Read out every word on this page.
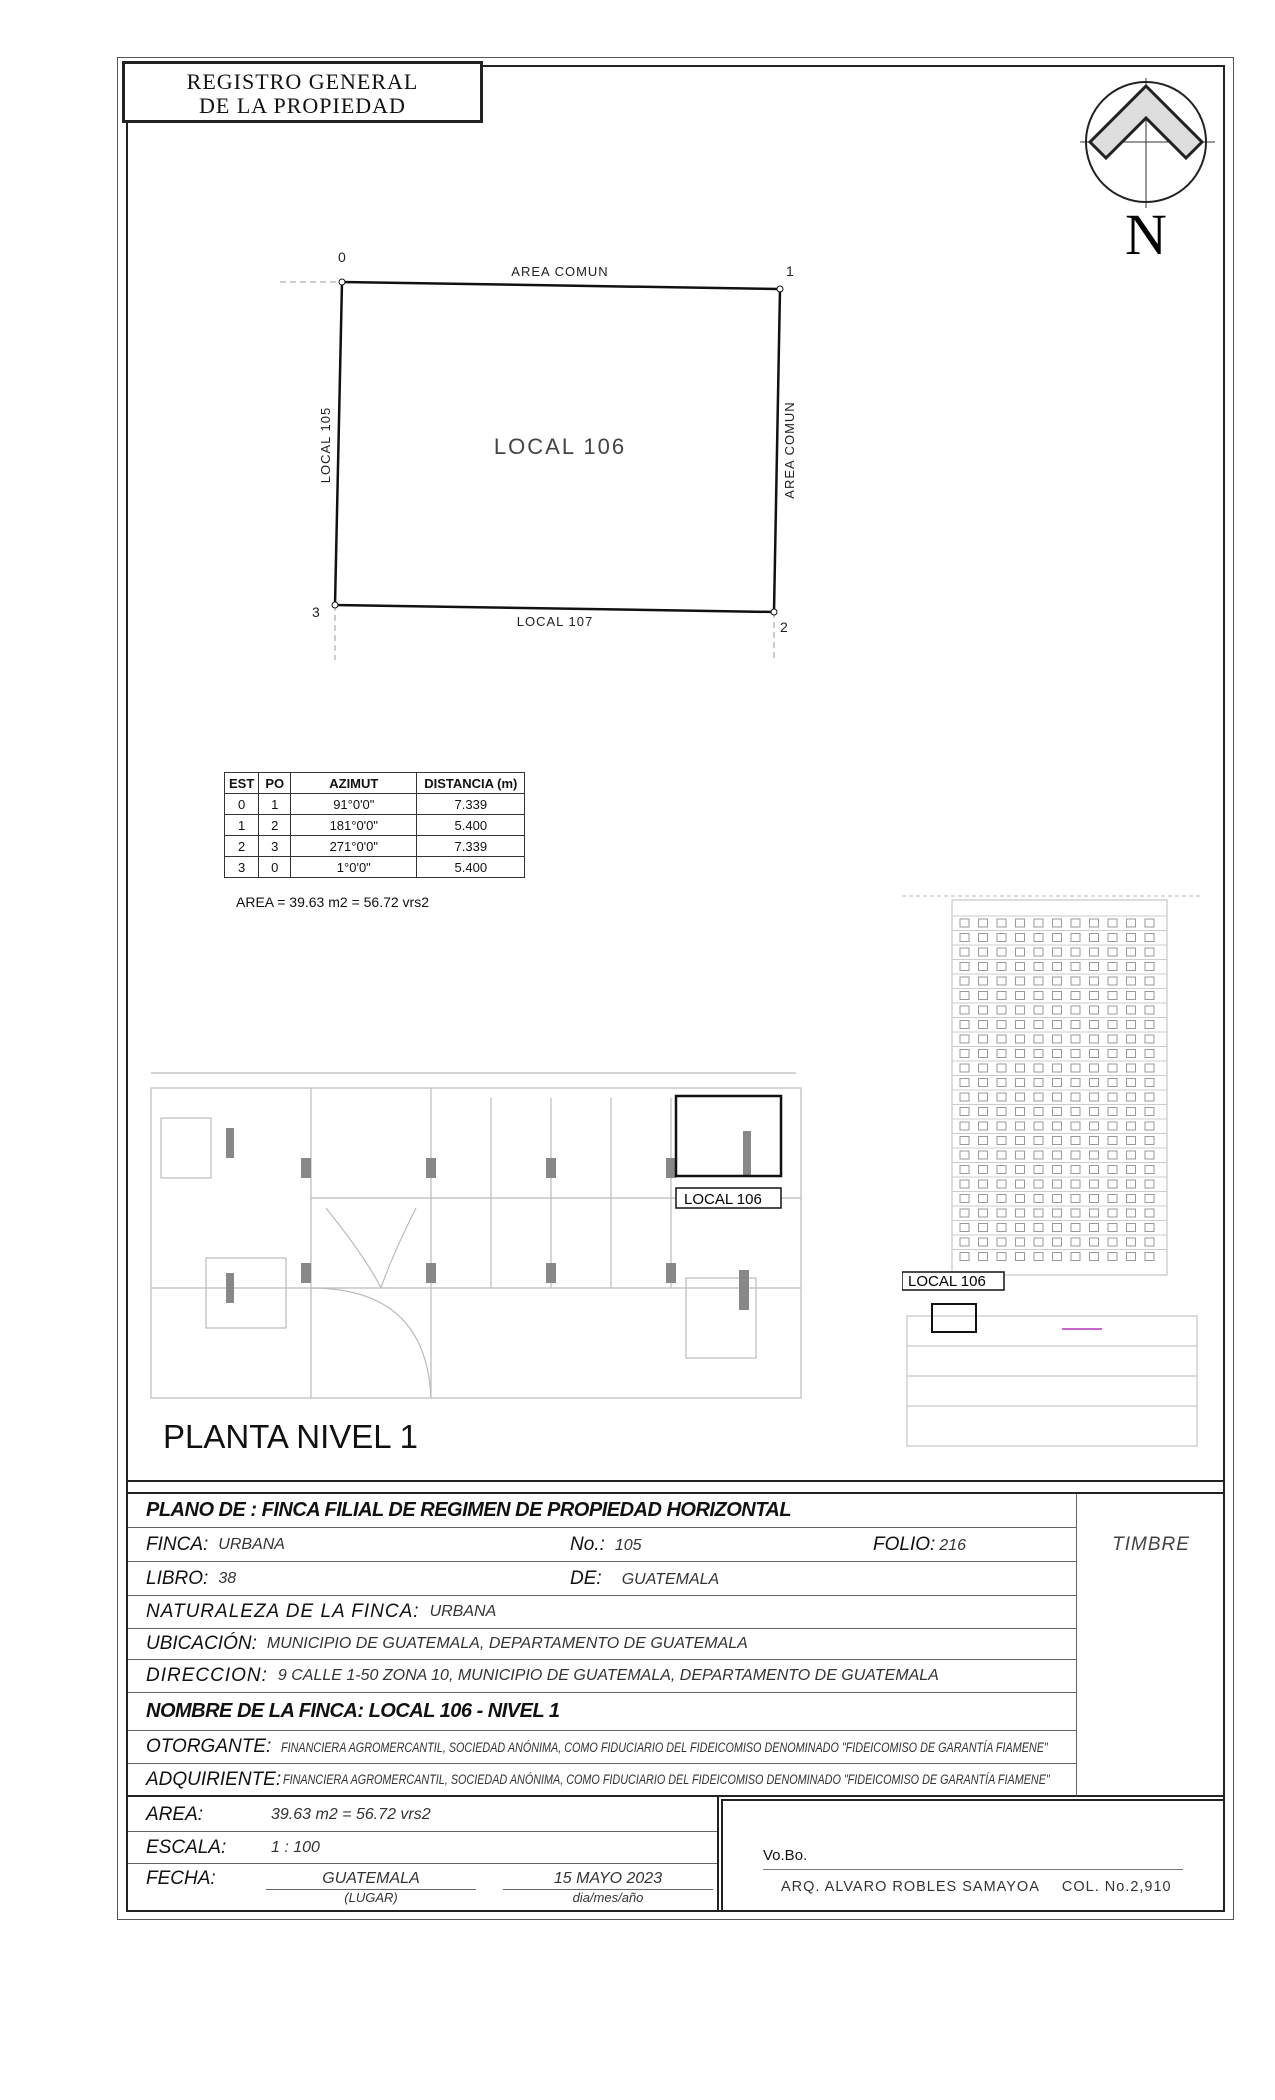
REGISTRO GENERAL
DE LA PROPIEDAD
N
0
1
2
3
AREA COMUN
LOCAL 107
LOCAL 105	AREA COMUN
LOCAL 106
EST	PO	AZIMUT	DISTANCIA (m)
0	1	91°0'0"	7.339
1	2	181°0'0"	5.400
2	3	271°0'0"	7.339
3	0	1°0'0"	5.400
AREA = 39.63 m2 = 56.72 vrs2
LOCAL 106
PLANTA NIVEL 1
LOCAL 106
PLANO DE : FINCA FILIAL DE REGIMEN DE PROPIEDAD HORIZONTAL
FINCA: URBANA	No.: 105	FOLIO: 216
LIBRO: 38	DE: GUATEMALA
NATURALEZA DE LA FINCA: URBANA
UBICACIÓN: MUNICIPIO DE GUATEMALA, DEPARTAMENTO DE GUATEMALA
DIRECCION: 9 CALLE 1-50 ZONA 10, MUNICIPIO DE GUATEMALA, DEPARTAMENTO DE GUATEMALA
NOMBRE DE LA FINCA: LOCAL 106 - NIVEL 1
OTORGANTE: FINANCIERA AGROMERCANTIL, SOCIEDAD ANÓNIMA, COMO FIDUCIARIO DEL FIDEICOMISO DENOMINADO "FIDEICOMISO DE GARANTÍA FIAMENE"
ADQUIRIENTE: FINANCIERA AGROMERCANTIL, SOCIEDAD ANÓNIMA, COMO FIDUCIARIO DEL FIDEICOMISO DENOMINADO "FIDEICOMISO DE GARANTÍA FIAMENE"
TIMBRE
AREA:	39.63 m2 = 56.72 vrs2
ESCALA:	1 : 100
FECHA:	GUATEMALA
(LUGAR)
15 MAYO 2023
dia/mes/año
Vo.Bo.
ARQ. ALVARO ROBLES SAMAYOA COL. No.2,910
